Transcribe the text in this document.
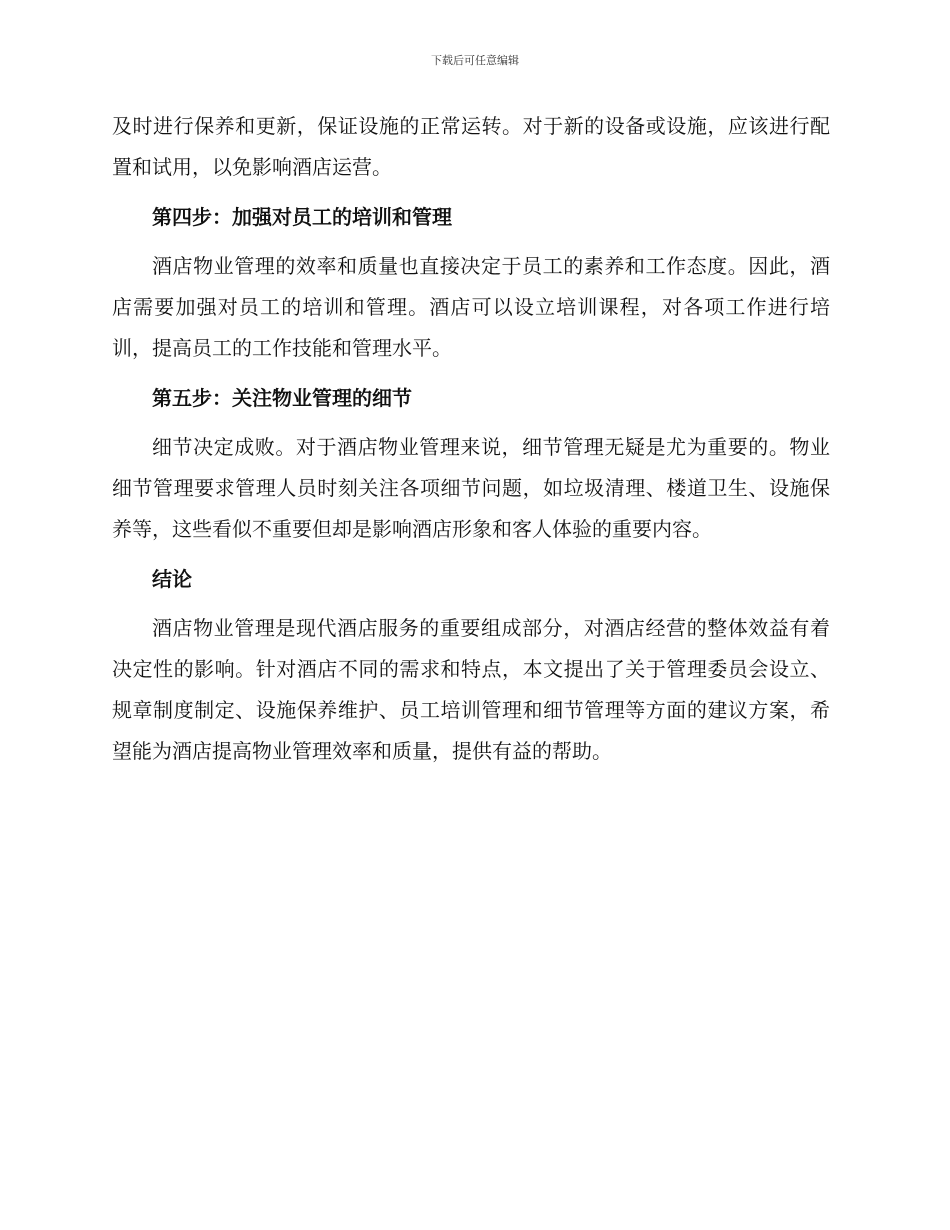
下载后可任意编辑

及时进行保养和更新，保证设施的正常运转。对于新的设备或设施，应该进行配置和试用，以免影响酒店运营。

第四步：加强对员工的培训和管理

酒店物业管理的效率和质量也直接决定于员工的素养和工作态度。因此，酒店需要加强对员工的培训和管理。酒店可以设立培训课程，对各项工作进行培训，提高员工的工作技能和管理水平。

第五步：关注物业管理的细节

细节决定成败。对于酒店物业管理来说，细节管理无疑是尤为重要的。物业细节管理要求管理人员时刻关注各项细节问题，如垃圾清理、楼道卫生、设施保养等，这些看似不重要但却是影响酒店形象和客人体验的重要内容。

结论

酒店物业管理是现代酒店服务的重要组成部分，对酒店经营的整体效益有着决定性的影响。针对酒店不同的需求和特点，本文提出了关于管理委员会设立、规章制度制定、设施保养维护、员工培训管理和细节管理等方面的建议方案，希望能为酒店提高物业管理效率和质量，提供有益的帮助。
